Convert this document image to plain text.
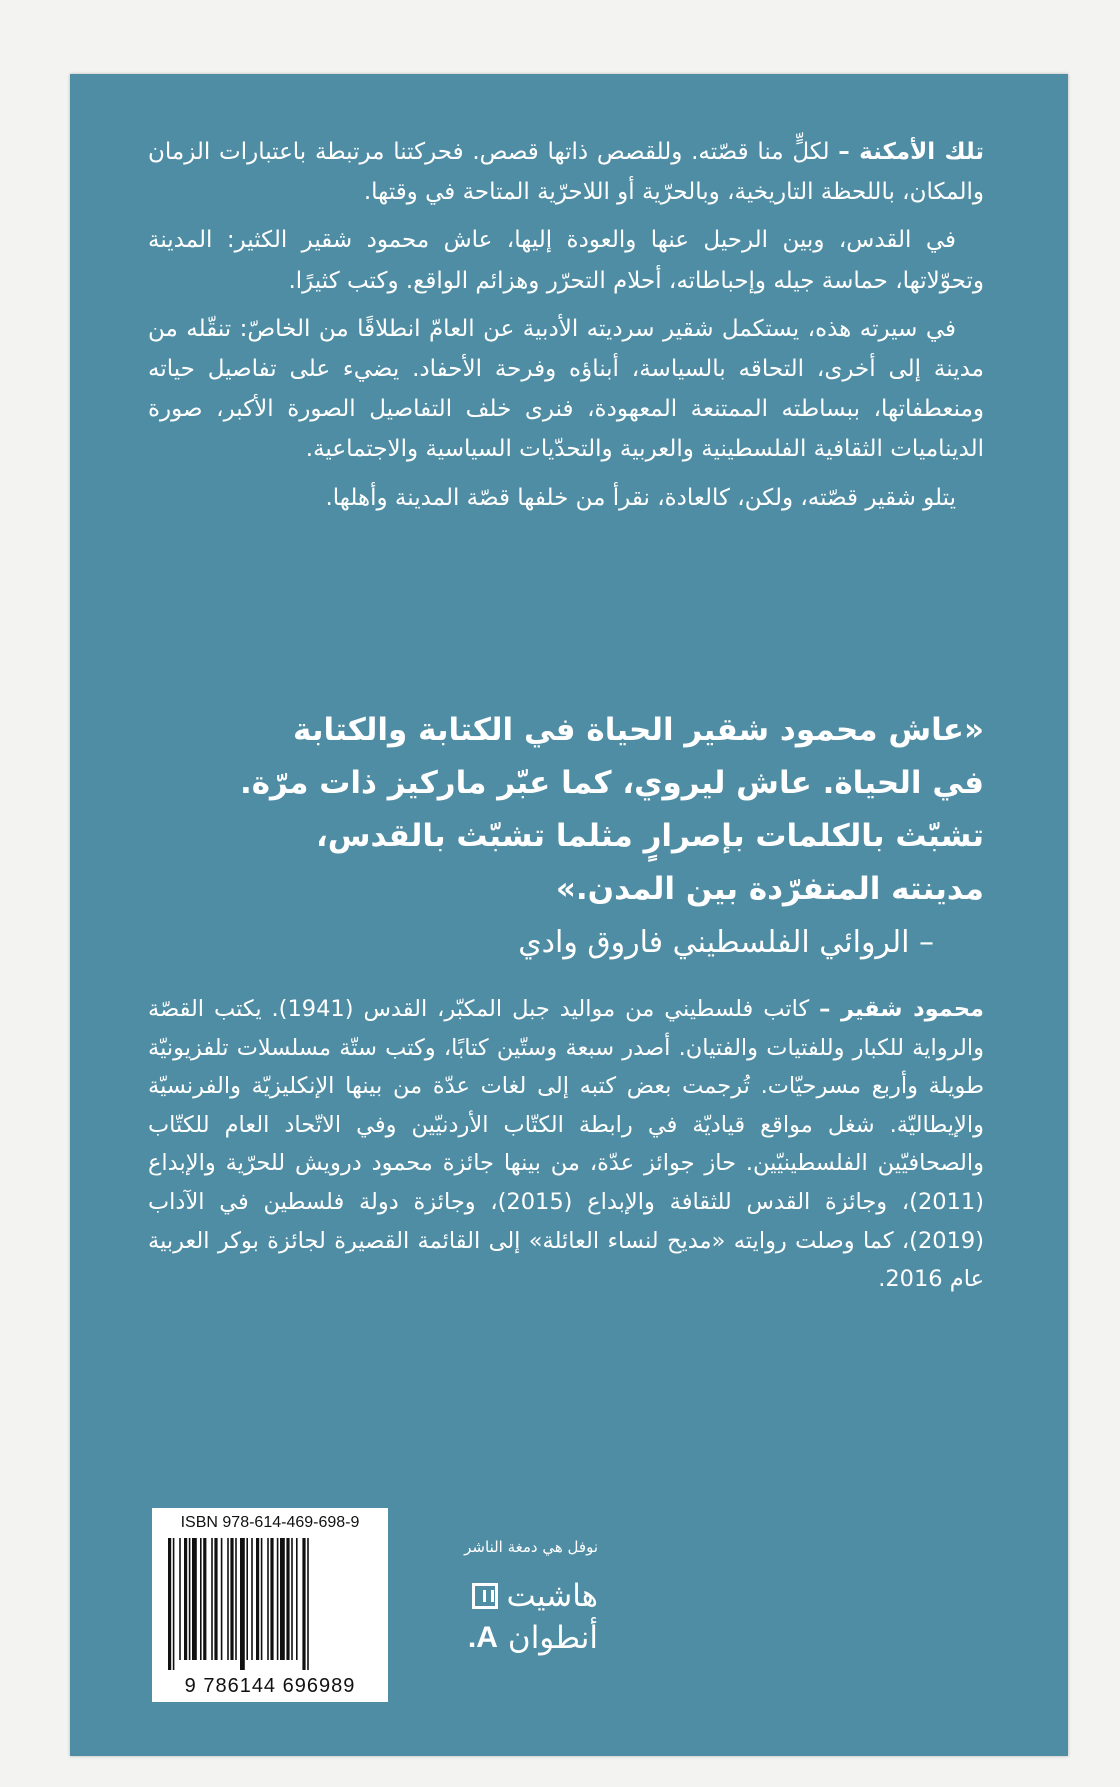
تلك الأمكنة – لكلٍّ منا قصّته. وللقصص ذاتها قصص. فحركتنا مرتبطة باعتبارات الزمان والمكان، باللحظة التاريخية، وبالحرّية أو اللاحرّية المتاحة في وقتها.

في القدس، وبين الرحيل عنها والعودة إليها، عاش محمود شقير الكثير: المدينة وتحوّلاتها، حماسة جيله وإحباطاته، أحلام التحرّر وهزائم الواقع. وكتب كثيرًا.

في سيرته هذه، يستكمل شقير سرديته الأدبية عن العامّ انطلاقًا من الخاصّ: تنقّله من مدينة إلى أخرى، التحاقه بالسياسة، أبناؤه وفرحة الأحفاد. يضيء على تفاصيل حياته ومنعطفاتها، ببساطته الممتنعة المعهودة، فنرى خلف التفاصيل الصورة الأكبر، صورة الديناميات الثقافية الفلسطينية والعربية والتحدّيات السياسية والاجتماعية.

يتلو شقير قصّته، ولكن، كالعادة، نقرأ من خلفها قصّة المدينة وأهلها.

«عاش محمود شقير الحياة في الكتابة والكتابة
في الحياة. عاش ليروي، كما عبّر ماركيز ذات مرّة.
تشبّث بالكلمات بإصرارٍ مثلما تشبّث بالقدس،
مدينته المتفرّدة بين المدن.»
– الروائي الفلسطيني فاروق وادي

محمود شقير – كاتب فلسطيني من مواليد جبل المكبّر، القدس (1941). يكتب القصّة والرواية للكبار وللفتيات والفتيان. أصدر سبعة وستّين كتابًا، وكتب ستّة مسلسلات تلفزيونيّة طويلة وأربع مسرحيّات. تُرجمت بعض كتبه إلى لغات عدّة من بينها الإنكليزيّة والفرنسيّة والإيطاليّة. شغل مواقع قياديّة في رابطة الكتّاب الأردنيّين وفي الاتّحاد العام للكتّاب والصحافيّين الفلسطينيّين. حاز جوائز عدّة، من بينها جائزة محمود درويش للحرّية والإبداع (2011)، وجائزة القدس للثقافة والإبداع (2015)، وجائزة دولة فلسطين في الآداب (2019)، كما وصلت روايته «مديح لنساء العائلة» إلى القائمة القصيرة لجائزة بوكر العربية عام 2016.

ISBN 978-614-469-698-9
9 786144 696989
نوفل هي دمغة الناشر
هاشيت
أنطوان
A.
